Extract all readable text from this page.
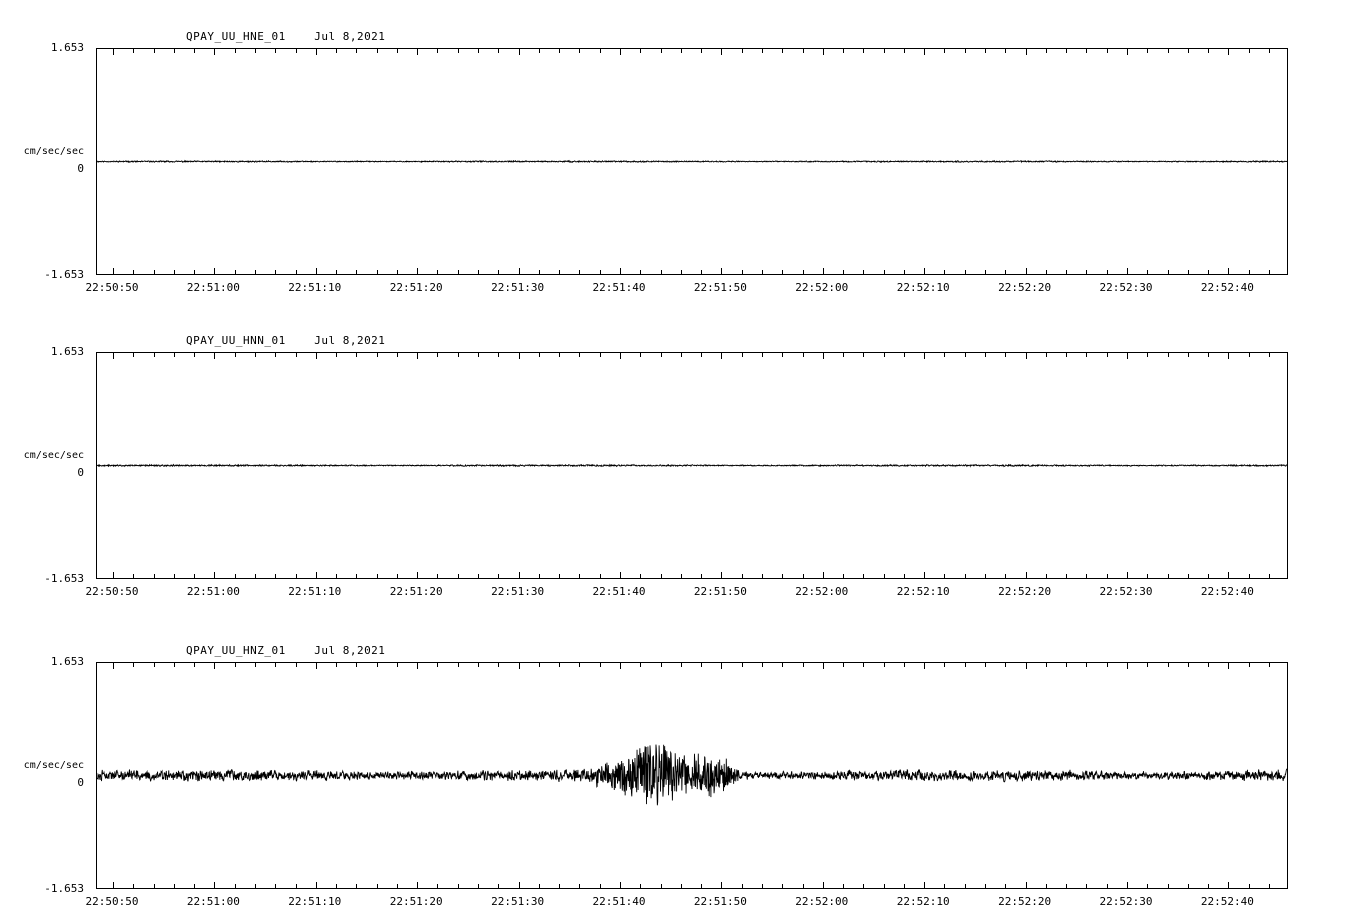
QPAY_UU_HNE_01    Jul 8,2021
1.653
cm/sec/sec
0
-1.653
22:50:50	22:51:00	22:51:10	22:51:20	22:51:30	22:51:40	22:51:50	22:52:00	22:52:10	22:52:20	22:52:30	22:52:40
QPAY_UU_HNN_01    Jul 8,2021
1.653
cm/sec/sec
0
-1.653
22:50:50	22:51:00	22:51:10	22:51:20	22:51:30	22:51:40	22:51:50	22:52:00	22:52:10	22:52:20	22:52:30	22:52:40
QPAY_UU_HNZ_01    Jul 8,2021
1.653
cm/sec/sec
0
-1.653
22:50:50	22:51:00	22:51:10	22:51:20	22:51:30	22:51:40	22:51:50	22:52:00	22:52:10	22:52:20	22:52:30	22:52:40
